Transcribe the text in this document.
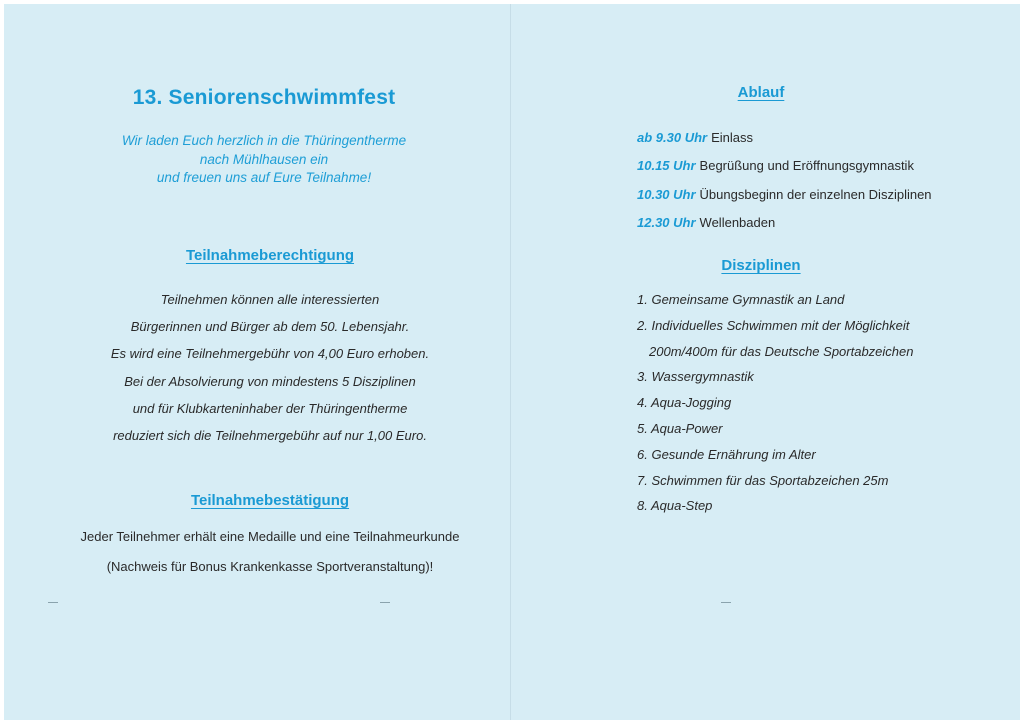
13. Seniorenschwimmfest
Wir laden Euch herzlich in die Thüringentherme
nach Mühlhausen ein
und freuen uns auf Eure Teilnahme!
Teilnahmeberechtigung
Teilnehmen können alle interessierten
Bürgerinnen und Bürger ab dem 50. Lebensjahr.
Es wird eine Teilnehmergebühr von 4,00 Euro erhoben.
Bei der Absolvierung von mindestens 5 Disziplinen
und für Klubkarteninhaber der Thüringentherme
reduziert sich die Teilnehmergebühr auf nur 1,00 Euro.
Teilnahmebestätigung
Jeder Teilnehmer erhält eine Medaille und eine Teilnahmeurkunde
(Nachweis für Bonus Krankenkasse Sportveranstaltung)!
Ablauf
ab 9.30 Uhr Einlass
10.15 Uhr Begrüßung und Eröffnungsgymnastik
10.30 Uhr Übungsbeginn der einzelnen Disziplinen
12.30 Uhr Wellenbaden
Disziplinen
1. Gemeinsame Gymnastik an Land
2. Individuelles Schwimmen mit der Möglichkeit
200m/400m für das Deutsche Sportabzeichen
3. Wassergymnastik
4. Aqua-Jogging
5. Aqua-Power
6. Gesunde Ernährung im Alter
7. Schwimmen für das Sportabzeichen 25m
8. Aqua-Step
